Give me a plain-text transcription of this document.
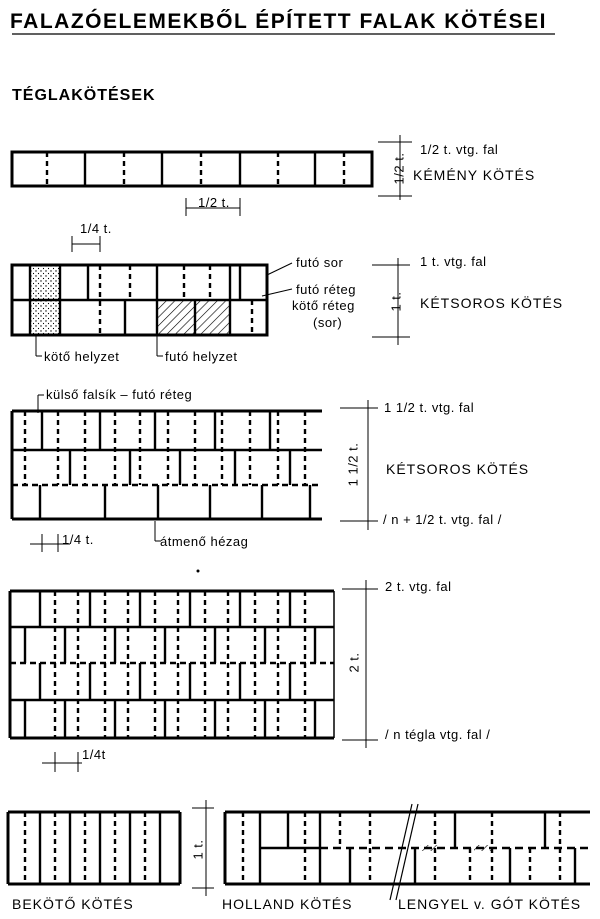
FALAZÓELEMEKBŐL ÉPÍTETT FALAK KÖTÉSEI
TÉGLAKÖTÉSEK
1/2 t. vtg. fal
KÉMÉNY KÖTÉS
1/2 t.
1/2 t.
1/4 t.
futó sor
futó réteg
kötő réteg
(sor)
1 t. vtg. fal
KÉTSOROS KÖTÉS
1 t.
kötő helyzet	futó helyzet
külső falsík – futó réteg
1 1/2 t. vtg. fal
KÉTSOROS KÖTÉS
/ n + 1/2 t. vtg. fal /
1 1/2 t.
1/4 t.	átmenő hézag
2 t. vtg. fal
/ n tégla vtg. fal /
2 t.
1/4t
1 t.
BEKÖTŐ KÖTÉS	HOLLAND KÖTÉS	LENGYEL v. GÓT KÖTÉS
